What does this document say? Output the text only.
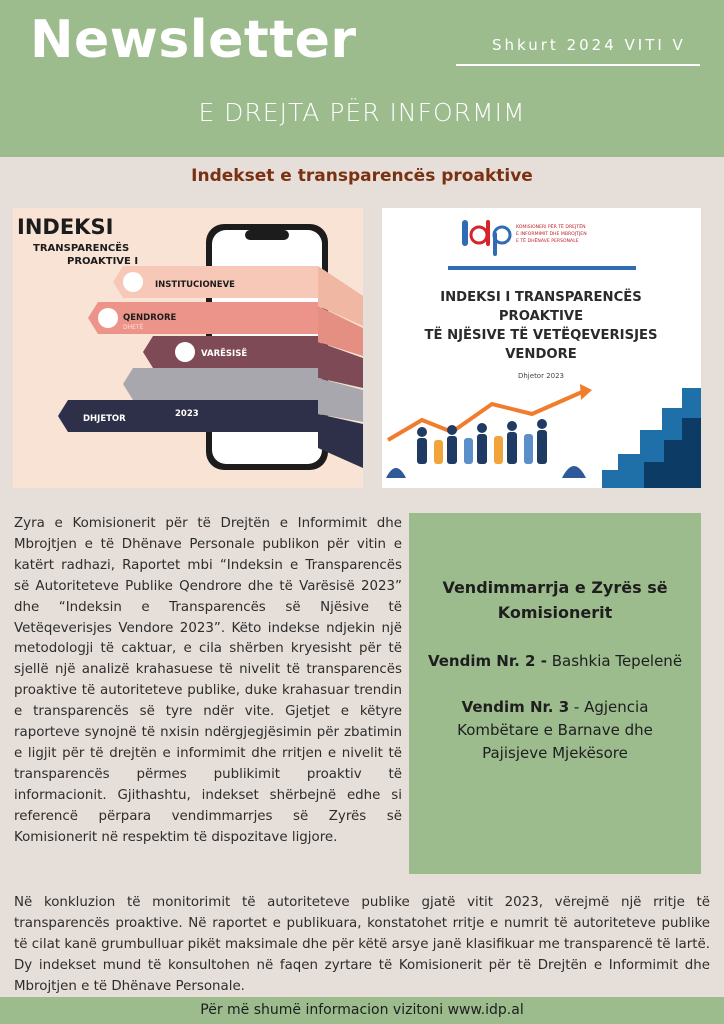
Newsletter	Shkurt 2024 VITI V
E DREJTA PËR INFORMIM
Indekset e transparencës proaktive
INDEKSI
TRANSPARENCËS
PROAKTIVE I
INSTITUCIONEVE
QENDRORE
DHETË
VARËSISË
DHJETOR	2023
KOMISIONERI PËR TË DREJTËN
E INFORMIMIT DHE MBROJTJEN
E TË DHËNAVE PERSONALE
INDEKSI I TRANSPARENCËS
PROAKTIVE
TË NJËSIVE TË VETËQEVERISJES
VENDORE
Dhjetor 2023
Zyra e Komisionerit për të Drejtën e Informimit dhe Mbrojtjen e të Dhënave Personale publikon për vitin e katërt radhazi, Raportet mbi “Indeksin e Transparencës së Autoriteteve Publike Qendrore dhe të Varësisë 2023” dhe “Indeksin e Transparencës së Njësive të Vetëqeverisjes Vendore 2023”. Këto indekse ndjekin një metodologji të caktuar, e cila shërben kryesisht për të sjellë një analizë krahasuese të nivelit të transparencës proaktive të autoriteteve publike, duke krahasuar trendin e transparencës së tyre ndër vite. Gjetjet e këtyre raporteve synojnë të nxisin ndërgjegjësimin për zbatimin e ligjit për të drejtën e informimit dhe rritjen e nivelit të transparencës përmes publikimit proaktiv të informacionit. Gjithashtu, indekset shërbejnë edhe si referencë përpara vendimmarrjes së Zyrës së Komisionerit në respektim të dispozitave ligjore.
Vendimmarrja e Zyrës së Komisionerit
Vendim Nr. 2 - Bashkia Tepelenë
Vendim Nr. 3 - Agjencia Kombëtare e Barnave dhe Pajisjeve Mjekësore
Në konkluzion të monitorimit të autoriteteve publike gjatë vitit 2023, vërejmë një rritje të transparencës proaktive. Në raportet e publikuara, konstatohet rritje e numrit të autoriteteve publike të cilat kanë grumbulluar pikët maksimale dhe për këtë arsye janë klasifikuar me transparencë të lartë. Dy indekset mund të konsultohen në faqen zyrtare të Komisionerit për të Drejtën e Informimit dhe Mbrojtjen e të Dhënave Personale.
Për më shumë informacion vizitoni www.idp.al
